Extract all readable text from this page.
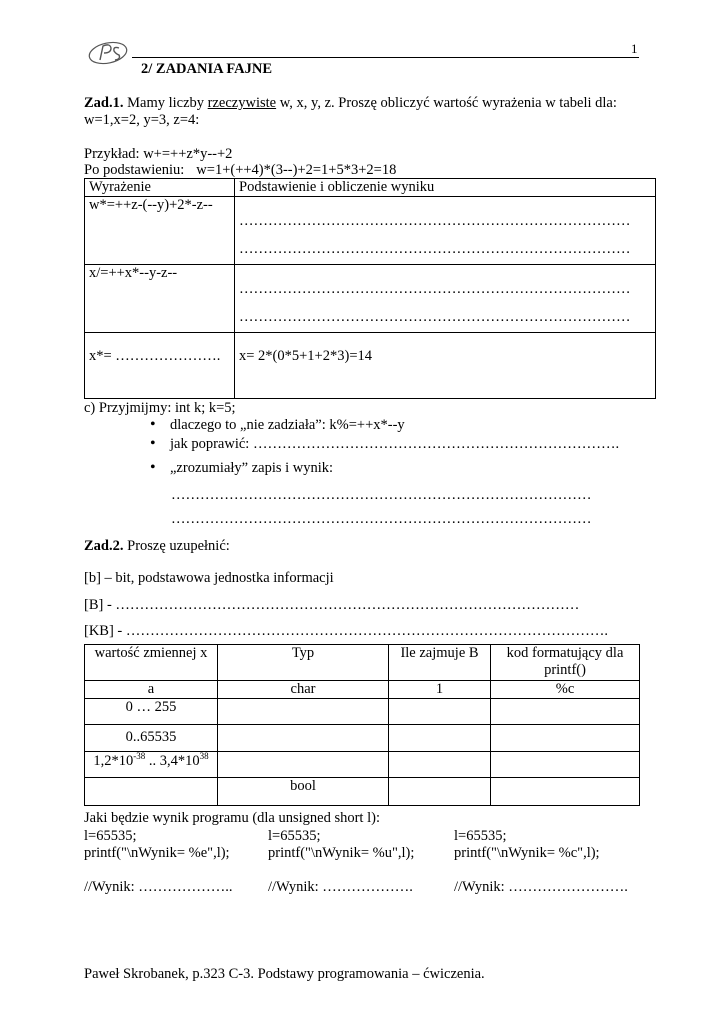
1
2/ ZADANIA FAJNE
Zad.1. Mamy liczby rzeczywiste w, x, y, z. Proszę obliczyć wartość wyrażenia w tabeli dla:
w=1,x=2, y=3, z=4:
Przykład: w+=++z*y--+2
Po podstawieniu: w=1+(++4)*(3--)+2=1+5*3+2=18
Wyrażenie	Podstawienie i obliczenie wyniku
w*=++z-(--y)+2*-z--	………………………………………………………………………
………………………………………………………………………

x/=++x*--y-z--	………………………………………………………………………
………………………………………………………………………

x*= ………………….	x= 2*(0*5+1+2*3)=14
c) Przyjmijmy: int k; k=5;
• dlaczego to „nie zadziała”: k%=++x*--y
• jak poprawić: ………………………………………………………………….
• „zrozumiały” zapis i wynik:
……………………………………………………………………………
……………………………………………………………………………
Zad.2. Proszę uzupełnić:
[b] – bit, podstawowa jednostka informacji
[B] - ……………………………………………………………………………………
[KB] - ……………………………………………………………………………………….
wartość zmiennej x	Typ	Ile zajmuje B	kod formatujący dla printf()
a	char	1	%c
0 … 255			
0..65535			
$1,2*10^{-38}$ .. $3,4*10^{38}$			
	bool		
Jaki będzie wynik programu (dla unsigned short l):
l=65535;	l=65535;	l=65535;
printf("\nWynik= %e",l);	printf("\nWynik= %u",l);	printf("\nWynik= %c",l);
//Wynik: ……………….. //Wynik: ……………….	//Wynik: …………………….
Paweł Skrobanek, p.323 C-3. Podstawy programowania – ćwiczenia.
